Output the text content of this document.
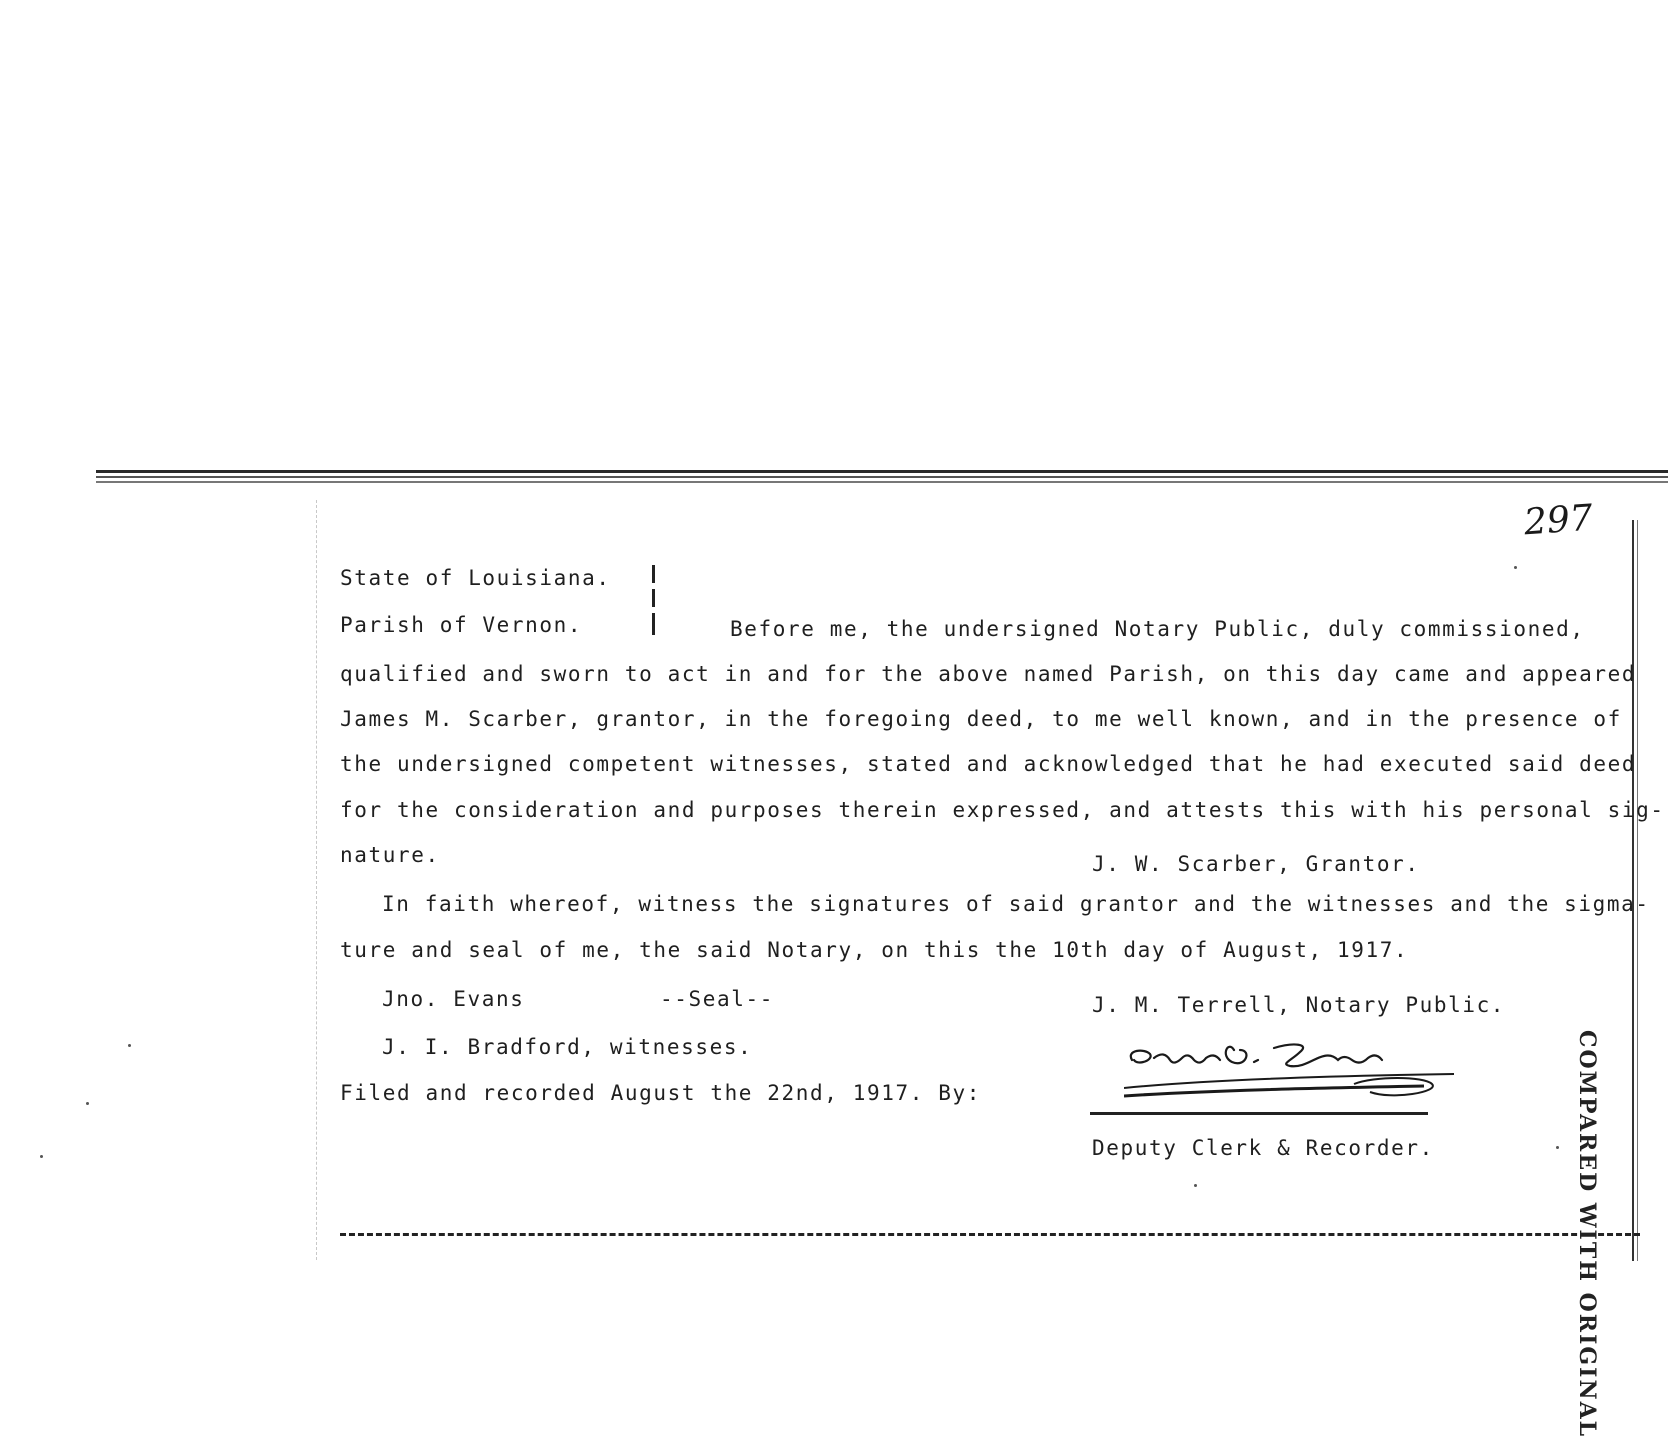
297
COMPARED WITH ORIGINAL
State of Louisiana.
Parish of Vernon.	Before me, the undersigned Notary Public, duly commissioned,
qualified and sworn to act in and for the above named Parish, on this day came and appeared
James M. Scarber, grantor, in the foregoing deed, to me well known, and in the presence of
the undersigned competent witnesses, stated and acknowledged that he had executed said deed
for the consideration and purposes therein expressed, and attests this with his personal sig-
nature.	J. W. Scarber, Grantor.
In faith whereof, witness the signatures of said grantor and the witnesses and the sigma-
ture and seal of me, the said Notary, on this the 10th day of August, 1917.
Jno. Evans	--Seal--	J. M. Terrell, Notary Public.
J. I. Bradford, witnesses.
Filed and recorded August the 22nd, 1917. By:
Deputy Clerk & Recorder.
